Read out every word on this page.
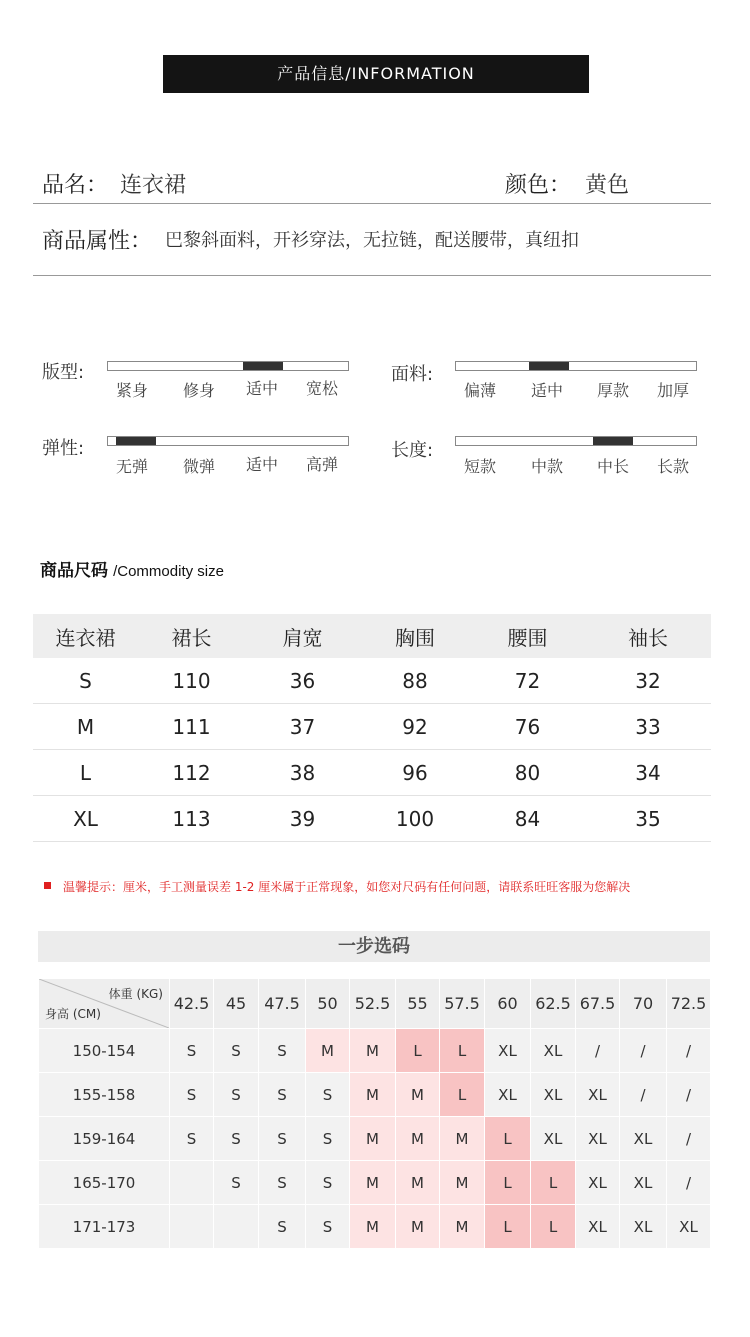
产品信息/INFORMATION
品名： 连衣裙	颜色： 黄色
商品属性： 巴黎斜面料，开衫穿法，无拉链，配送腰带，真纽扣
版型:
紧身	修身	适中	宽松
面料:
偏薄	适中	厚款	加厚
弹性:
无弹	微弹	适中	高弹
长度:
短款	中款	中长	长款
商品尺码 /Commodity size
连衣裙	裙长	肩宽	胸围	腰围	袖长
S	110	36	88	72	32
M	111	37	92	76	33
L	112	38	96	80	34
XL	113	39	100	84	35
温馨提示：厘米，手工测量误差 1-2 厘米属于正常现象，如您对尺码有任何问题，请联系旺旺客服为您解决
一步选码
体重 (KG)
身高 (CM)	42.5	45	47.5	50	52.5	55	57.5	60	62.5	67.5	70	72.5
150-154	S	S	S	M	M	L	L	XL	XL	/	/	/
155-158	S	S	S	S	M	M	L	XL	XL	XL	/	/
159-164	S	S	S	S	M	M	M	L	XL	XL	XL	/
165-170		S	S	S	M	M	M	L	L	XL	XL	/
171-173			S	S	M	M	M	L	L	XL	XL	XL
